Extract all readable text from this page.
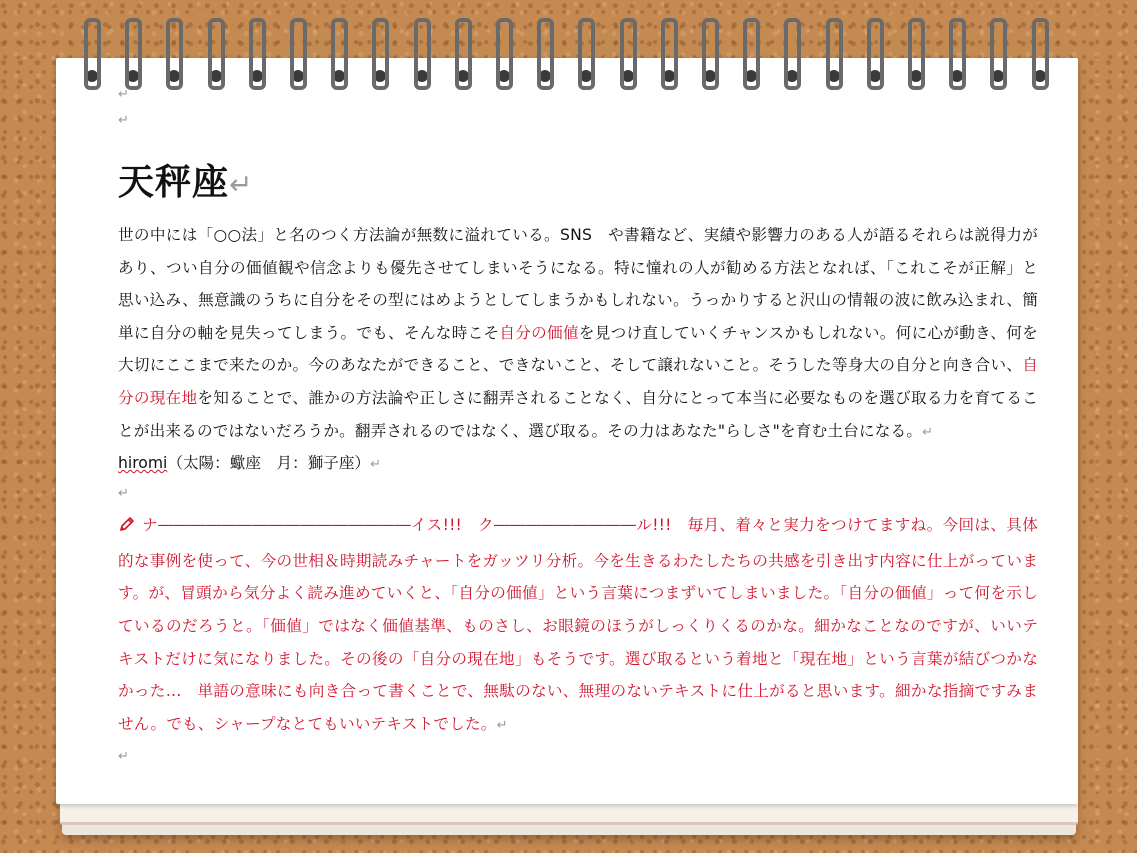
↵
↵
天秤座↵

世の中には「○○法」と名のつく方法論が無数に溢れている。SNS　や書籍など、実績や影響力のある人が語るそれらは説得力があり、つい自分の価値観や信念よりも優先させてしまいそうになる。特に憧れの人が勧める方法となれば、「これこそが正解」と思い込み、無意識のうちに自分をその型にはめようとしてしまうかもしれない。うっかりすると沢山の情報の波に飲み込まれ、簡単に自分の軸を見失ってしまう。でも、そんな時こそ自分の価値を見つけ直していくチャンスかもしれない。何に心が動き、何を大切にここまで来たのか。今のあなたができること、できないこと、そして譲れないこと。そうした等身大の自分と向き合い、自分の現在地を知ることで、誰かの方法論や正しさに翻弄されることなく、自分にとって本当に必要なものを選び取る力を育てることが出来るのではないだろうか。翻弄されるのではなく、選び取る。その力はあなた"らしさ"を育む土台になる。↵

hiromi（太陽：蠍座　月：獅子座）↵
↵
ナ――――――――――――――――イス!!!　ク―――――――――ル!!!　毎月、着々と実力をつけてますね。今回は、具体的な事例を使って、今の世相＆時期読みチャートをガッツリ分析。今を生きるわたしたちの共感を引き出す内容に仕上がっています。が、冒頭から気分よく読み進めていくと、「自分の価値」という言葉につまずいてしまいました。「自分の価値」って何を示しているのだろうと。「価値」ではなく価値基準、ものさし、お眼鏡のほうがしっくりくるのかな。細かなことなのですが、いいテキストだけに気になりました。その後の「自分の現在地」もそうです。選び取るという着地と「現在地」という言葉が結びつかなかった…　単語の意味にも向き合って書くことで、無駄のない、無理のないテキストに仕上がると思います。細かな指摘ですみません。でも、シャープなとてもいいテキストでした。↵
↵
